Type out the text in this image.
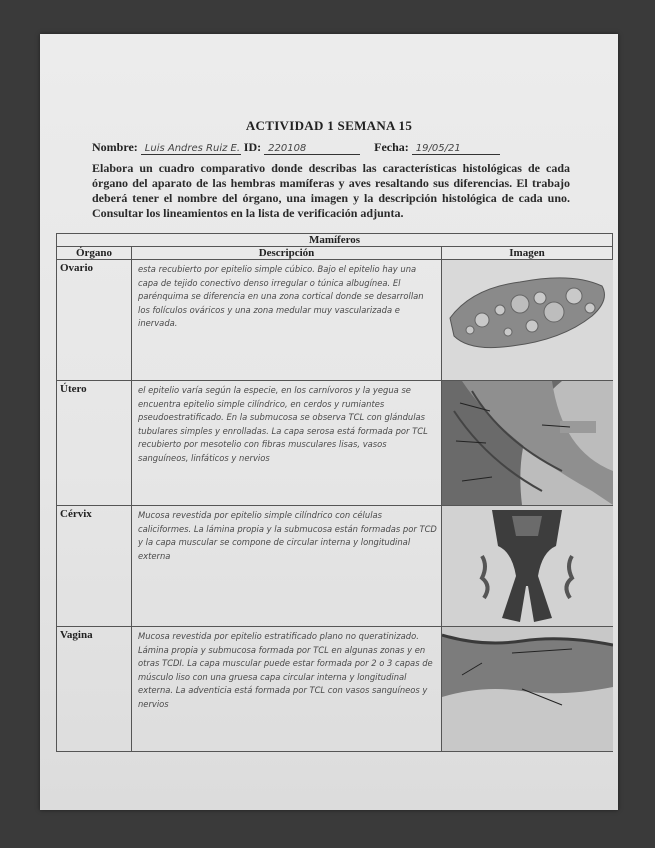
ACTIVIDAD 1 SEMANA 15
Nombre: Luis Andres Ruiz E. ID: 220108	Fecha: 19/05/21
Elabora un cuadro comparativo donde describas las características histológicas de cada órgano del aparato de las hembras mamíferas y aves resaltando sus diferencias. El trabajo deberá tener el nombre del órgano, una imagen y la descripción histológica de cada uno. Consultar los lineamientos en la lista de verificación adjunta.
Mamíferos		
Órgano	Descripción	Imagen
Ovario	esta recubierto por epitelio simple cúbico. Bajo el epitelio hay una capa de tejido conectivo denso irregular o túnica albugínea. El parénquima se diferencia en una zona cortical donde se desarrollan los folículos ováricos y una zona medular muy vascularizada e inervada.	

Útero	el epitelio varía según la especie, en los carnívoros y la yegua se encuentra epitelio simple cilíndrico, en cerdos y rumiantes pseudoestratificado. En la submucosa se observa TCL con glándulas tubulares simples y enrolladas. La capa serosa está formada por TCL recubierto por mesotelio con fibras musculares lisas, vasos sanguíneos, linfáticos y nervios	

Cérvix	Mucosa revestida por epitelio simple cilíndrico con células caliciformes. La lámina propia y la submucosa están formadas por TCD y la capa muscular se compone de circular interna y longitudinal externa	

Vagina	Mucosa revestida por epitelio estratificado plano no queratinizado. Lámina propia y submucosa formada por TCL en algunas zonas y en otras TCDI. La capa muscular puede estar formada por 2 o 3 capas de músculo liso con una gruesa capa circular interna y longitudinal externa. La adventicia está formada por TCL con vasos sanguíneos y nervios	
